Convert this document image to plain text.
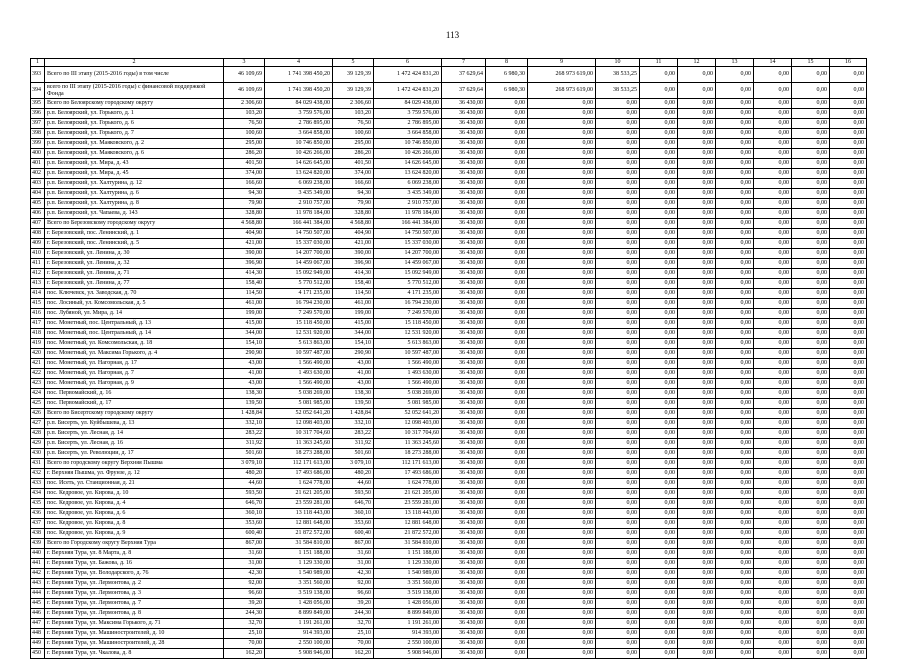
113
1	2	3	4	5	6	7	8	9	10	11	12	13	14	15	16
393	Всего по III этапу (2015-2016 годы) в том числе	46 109,69	1 741 398 450,20	39 129,39	1 472 424 831,20	37 629,64	6 980,30	268 973 619,00	38 533,25	0,00	0,00	0,00	0,00	0,00	0,00
394	всего по III этапу (2015-2016 годы) с финансовой поддержкой Фонда	46 109,69	1 741 398 450,20	39 129,39	1 472 424 831,20	37 629,64	6 980,30	268 973 619,00	38 533,25	0,00	0,00	0,00	0,00	0,00	0,00
395	Всего по Белоярскому городскому округу	2 306,60	84 029 438,00	2 306,60	84 029 438,00	36 430,00	0,00	0,00	0,00	0,00	0,00	0,00	0,00	0,00	0,00
396	р.п. Белоярский, ул. Горького, д. 1	103,20	3 759 576,00	103,20	3 759 576,00	36 430,00	0,00	0,00	0,00	0,00	0,00	0,00	0,00	0,00	0,00
397	р.п. Белоярский, ул. Горького, д. 6	76,50	2 786 895,00	76,50	2 786 895,00	36 430,00	0,00	0,00	0,00	0,00	0,00	0,00	0,00	0,00	0,00
398	р.п. Белоярский, ул. Горького, д. 7	100,60	3 664 858,00	100,60	3 664 858,00	36 430,00	0,00	0,00	0,00	0,00	0,00	0,00	0,00	0,00	0,00
399	р.п. Белоярский, ул. Маяковского, д. 2	295,00	10 746 850,00	295,00	10 746 850,00	36 430,00	0,00	0,00	0,00	0,00	0,00	0,00	0,00	0,00	0,00
400	р.п. Белоярский, ул. Маяковского, д. 6	286,20	10 426 266,00	286,20	10 426 266,00	36 430,00	0,00	0,00	0,00	0,00	0,00	0,00	0,00	0,00	0,00
401	р.п. Белоярский, ул. Мира, д. 43	401,50	14 626 645,00	401,50	14 626 645,00	36 430,00	0,00	0,00	0,00	0,00	0,00	0,00	0,00	0,00	0,00
402	р.п. Белоярский, ул. Мира, д. 45	374,00	13 624 820,00	374,00	13 624 820,00	36 430,00	0,00	0,00	0,00	0,00	0,00	0,00	0,00	0,00	0,00
403	р.п. Белоярский, ул. Халтурина, д. 12	166,60	6 069 238,00	166,60	6 069 238,00	36 430,00	0,00	0,00	0,00	0,00	0,00	0,00	0,00	0,00	0,00
404	р.п. Белоярский, ул. Халтурина, д. 6	94,30	3 435 349,00	94,30	3 435 349,00	36 430,00	0,00	0,00	0,00	0,00	0,00	0,00	0,00	0,00	0,00
405	р.п. Белоярский, ул. Халтурина, д. 8	79,90	2 910 757,00	79,90	2 910 757,00	36 430,00	0,00	0,00	0,00	0,00	0,00	0,00	0,00	0,00	0,00
406	р.п. Белоярский, ул. Чапаева, д. 143	328,80	11 978 184,00	328,80	11 978 184,00	36 430,00	0,00	0,00	0,00	0,00	0,00	0,00	0,00	0,00	0,00
407	Всего по Березовскому городскому округу	4 568,80	166 441 384,00	4 568,80	166 441 384,00	36 430,00	0,00	0,00	0,00	0,00	0,00	0,00	0,00	0,00	0,00
408	г. Березовский, пос. Ленинский, д. 1	404,90	14 750 507,00	404,90	14 750 507,00	36 430,00	0,00	0,00	0,00	0,00	0,00	0,00	0,00	0,00	0,00
409	г. Березовский, пос. Ленинский, д. 5	421,00	15 337 030,00	421,00	15 337 030,00	36 430,00	0,00	0,00	0,00	0,00	0,00	0,00	0,00	0,00	0,00
410	г. Березовский, ул. Ленина, д. 30	390,00	14 207 700,00	390,00	14 207 700,00	36 430,00	0,00	0,00	0,00	0,00	0,00	0,00	0,00	0,00	0,00
411	г. Березовский, ул. Ленина, д. 32	396,90	14 459 067,00	396,90	14 459 067,00	36 430,00	0,00	0,00	0,00	0,00	0,00	0,00	0,00	0,00	0,00
412	г. Березовский, ул. Ленина, д. 71	414,30	15 092 949,00	414,30	15 092 949,00	36 430,00	0,00	0,00	0,00	0,00	0,00	0,00	0,00	0,00	0,00
413	г. Березовский, ул. Ленина, д. 77	158,40	5 770 512,00	158,40	5 770 512,00	36 430,00	0,00	0,00	0,00	0,00	0,00	0,00	0,00	0,00	0,00
414	пос. Ключевск, ул. Заводская, д. 70	114,50	4 171 235,00	114,50	4 171 235,00	36 430,00	0,00	0,00	0,00	0,00	0,00	0,00	0,00	0,00	0,00
415	пос. Лосиный, ул. Комсомольская, д. 5	461,00	16 794 230,00	461,00	16 794 230,00	36 430,00	0,00	0,00	0,00	0,00	0,00	0,00	0,00	0,00	0,00
416	пос. Лубяной, ул. Мира, д. 14	199,00	7 249 570,00	199,00	7 249 570,00	36 430,00	0,00	0,00	0,00	0,00	0,00	0,00	0,00	0,00	0,00
417	пос. Монетный, пос. Центральный, д. 13	415,00	15 118 450,00	415,00	15 118 450,00	36 430,00	0,00	0,00	0,00	0,00	0,00	0,00	0,00	0,00	0,00
418	пос. Монетный, пос. Центральный, д. 14	344,00	12 531 920,00	344,00	12 531 920,00	36 430,00	0,00	0,00	0,00	0,00	0,00	0,00	0,00	0,00	0,00
419	пос. Монетный, ул. Комсомольская, д. 18	154,10	5 613 863,00	154,10	5 613 863,00	36 430,00	0,00	0,00	0,00	0,00	0,00	0,00	0,00	0,00	0,00
420	пос. Монетный, ул. Максима Горького, д. 4	290,90	10 597 487,00	290,90	10 597 487,00	36 430,00	0,00	0,00	0,00	0,00	0,00	0,00	0,00	0,00	0,00
421	пос. Монетный, ул. Нагорная, д. 17	43,00	1 566 490,00	43,00	1 566 490,00	36 430,00	0,00	0,00	0,00	0,00	0,00	0,00	0,00	0,00	0,00
422	пос. Монетный, ул. Нагорная, д. 7	41,00	1 493 630,00	41,00	1 493 630,00	36 430,00	0,00	0,00	0,00	0,00	0,00	0,00	0,00	0,00	0,00
423	пос. Монетный, ул. Нагорная, д. 9	43,00	1 566 490,00	43,00	1 566 490,00	36 430,00	0,00	0,00	0,00	0,00	0,00	0,00	0,00	0,00	0,00
424	пос. Первомайский, д. 16	138,30	5 038 269,00	138,30	5 038 269,00	36 430,00	0,00	0,00	0,00	0,00	0,00	0,00	0,00	0,00	0,00
425	пос. Первомайский, д. 17	139,50	5 081 985,00	139,50	5 081 985,00	36 430,00	0,00	0,00	0,00	0,00	0,00	0,00	0,00	0,00	0,00
426	Всего по Бисертскому городскому округу	1 428,84	52 052 641,20	1 428,84	52 052 641,20	36 430,00	0,00	0,00	0,00	0,00	0,00	0,00	0,00	0,00	0,00
427	р.п. Бисерть, ул. Куйбышева, д. 13	332,10	12 098 403,00	332,10	12 098 403,00	36 430,00	0,00	0,00	0,00	0,00	0,00	0,00	0,00	0,00	0,00
428	р.п. Бисерть, ул. Лесная, д. 14	283,22	10 317 704,60	283,22	10 317 704,60	36 430,00	0,00	0,00	0,00	0,00	0,00	0,00	0,00	0,00	0,00
429	р.п. Бисерть, ул. Лесная, д. 16	311,92	11 363 245,60	311,92	11 363 245,60	36 430,00	0,00	0,00	0,00	0,00	0,00	0,00	0,00	0,00	0,00
430	р.п. Бисерть, ул. Революции, д. 17	501,60	18 273 288,00	501,60	18 273 288,00	36 430,00	0,00	0,00	0,00	0,00	0,00	0,00	0,00	0,00	0,00
431	Всего по городскому округу Верхняя Пышма	3 079,10	112 171 613,00	3 079,10	112 171 613,00	36 430,00	0,00	0,00	0,00	0,00	0,00	0,00	0,00	0,00	0,00
432	г. Верхняя Пышма, ул. Фрунзе, д. 12	480,20	17 493 686,00	480,20	17 493 686,00	36 430,00	0,00	0,00	0,00	0,00	0,00	0,00	0,00	0,00	0,00
433	пос. Исеть, ул. Станционная, д. 21	44,60	1 624 778,00	44,60	1 624 778,00	36 430,00	0,00	0,00	0,00	0,00	0,00	0,00	0,00	0,00	0,00
434	пос. Кедровое, ул. Кирова, д. 10	593,50	21 621 205,00	593,50	21 621 205,00	36 430,00	0,00	0,00	0,00	0,00	0,00	0,00	0,00	0,00	0,00
435	пос. Кедровое, ул. Кирова, д. 4	646,70	23 559 281,00	646,70	23 559 281,00	36 430,00	0,00	0,00	0,00	0,00	0,00	0,00	0,00	0,00	0,00
436	пос. Кедровое, ул. Кирова, д. 6	360,10	13 118 443,00	360,10	13 118 443,00	36 430,00	0,00	0,00	0,00	0,00	0,00	0,00	0,00	0,00	0,00
437	пос. Кедровое, ул. Кирова, д. 8	353,60	12 881 648,00	353,60	12 881 648,00	36 430,00	0,00	0,00	0,00	0,00	0,00	0,00	0,00	0,00	0,00
438	пос. Кедровое, ул. Кирова, д. 9	600,40	21 872 572,00	600,40	21 872 572,00	36 430,00	0,00	0,00	0,00	0,00	0,00	0,00	0,00	0,00	0,00
439	Всего по Городскому округу Верхняя Тура	867,00	31 584 810,00	867,00	31 584 810,00	36 430,00	0,00	0,00	0,00	0,00	0,00	0,00	0,00	0,00	0,00
440	г. Верхняя Тура, ул. 8 Марта, д. 8	31,60	1 151 188,00	31,60	1 151 188,00	36 430,00	0,00	0,00	0,00	0,00	0,00	0,00	0,00	0,00	0,00
441	г. Верхняя Тура, ул. Бажова, д. 16	31,00	1 129 330,00	31,00	1 129 330,00	36 430,00	0,00	0,00	0,00	0,00	0,00	0,00	0,00	0,00	0,00
442	г. Верхняя Тура, ул. Володарского, д. 76	42,30	1 540 989,00	42,30	1 540 989,00	36 430,00	0,00	0,00	0,00	0,00	0,00	0,00	0,00	0,00	0,00
443	г. Верхняя Тура, ул. Лермонтова, д. 2	92,00	3 351 560,00	92,00	3 351 560,00	36 430,00	0,00	0,00	0,00	0,00	0,00	0,00	0,00	0,00	0,00
444	г. Верхняя Тура, ул. Лермонтова, д. 3	96,60	3 519 138,00	96,60	3 519 138,00	36 430,00	0,00	0,00	0,00	0,00	0,00	0,00	0,00	0,00	0,00
445	г. Верхняя Тура, ул. Лермонтова, д. 7	39,20	1 428 056,00	39,20	1 428 056,00	36 430,00	0,00	0,00	0,00	0,00	0,00	0,00	0,00	0,00	0,00
446	г. Верхняя Тура, ул. Лермонтова, д. 8	244,30	8 899 849,00	244,30	8 899 849,00	36 430,00	0,00	0,00	0,00	0,00	0,00	0,00	0,00	0,00	0,00
447	г. Верхняя Тура, ул. Максима Горького, д. 71	32,70	1 191 261,00	32,70	1 191 261,00	36 430,00	0,00	0,00	0,00	0,00	0,00	0,00	0,00	0,00	0,00
448	г. Верхняя Тура, ул. Машиностроителей, д. 10	25,10	914 393,00	25,10	914 393,00	36 430,00	0,00	0,00	0,00	0,00	0,00	0,00	0,00	0,00	0,00
449	г. Верхняя Тура, ул. Машиностроителей, д. 28	70,00	2 550 100,00	70,00	2 550 100,00	36 430,00	0,00	0,00	0,00	0,00	0,00	0,00	0,00	0,00	0,00
450	г. Верхняя Тура, ул. Чкалова, д. 8	162,20	5 908 946,00	162,20	5 908 946,00	36 430,00	0,00	0,00	0,00	0,00	0,00	0,00	0,00	0,00	0,00
